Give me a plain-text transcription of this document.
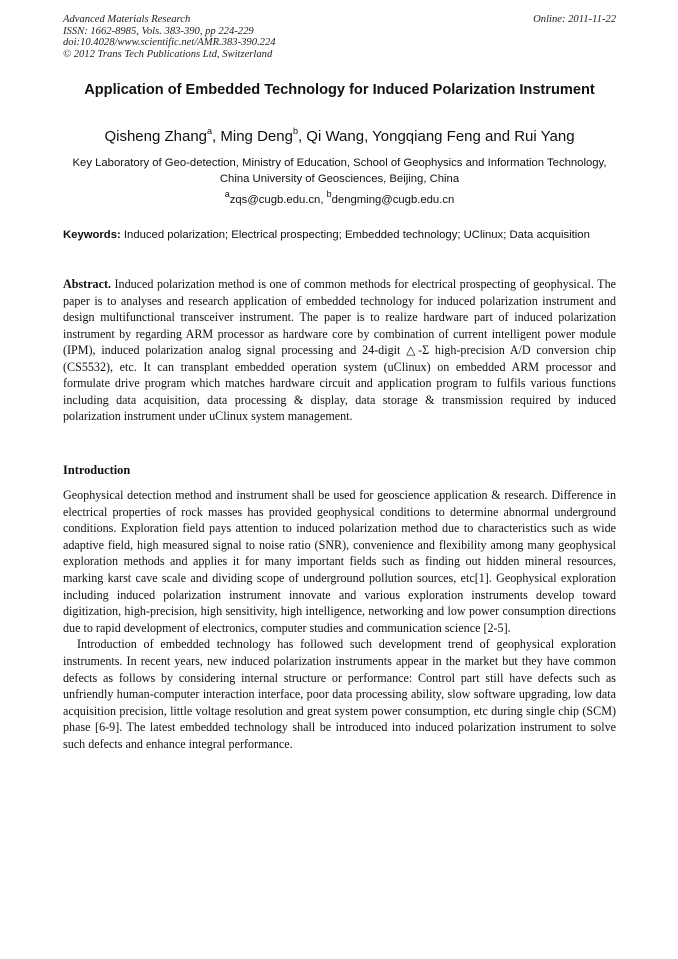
Advanced Materials Research
ISSN: 1662-8985, Vols. 383-390, pp 224-229
doi:10.4028/www.scientific.net/AMR.383-390.224
© 2012 Trans Tech Publications Ltd, Switzerland
Online: 2011-11-22
Application of Embedded Technology for Induced Polarization Instrument
Qisheng Zhang$^a$, Ming Deng$^b$, Qi Wang, Yongqiang Feng and Rui Yang
Key Laboratory of Geo-detection, Ministry of Education, School of Geophysics and Information Technology, China University of Geosciences, Beijing, China
$^a$zqs@cugb.edu.cn, $^b$dengming@cugb.edu.cn
Keywords: Induced polarization; Electrical prospecting; Embedded technology; UClinux; Data acquisition
Abstract. Induced polarization method is one of common methods for electrical prospecting of geophysical. The paper is to analyses and research application of embedded technology for induced polarization instrument and design multifunctional transceiver instrument. The paper is to realize hardware part of induced polarization instrument by regarding ARM processor as hardware core by combination of current intelligent power module (IPM), induced polarization analog signal processing and 24-digit △-Σ high-precision A/D conversion chip (CS5532), etc. It can transplant embedded operation system (uClinux) on embedded ARM processor and formulate drive program which matches hardware circuit and application program to fulfils various functions including data acquisition, data processing & display, data storage & transmission required by induced polarization instrument under uClinux system management.
Introduction

Geophysical detection method and instrument shall be used for geoscience application & research. Difference in electrical properties of rock masses has provided geophysical conditions to determine abnormal underground conditions. Exploration field pays attention to induced polarization method due to characteristics such as wide adaptive field, high measured signal to noise ratio (SNR), convenience and flexibility among many geophysical exploration methods and applies it for many important fields such as finding out hidden mineral resources, marking karst cave scale and dividing scope of underground pollution sources, etc[1]. Geophysical exploration including induced polarization instrument innovate and various exploration instruments develop toward digitization, high-precision, high sensitivity, high intelligence, networking and low power consumption directions due to rapid development of electronics, computer studies and communication science [2-5].

Introduction of embedded technology has followed such development trend of geophysical exploration instruments. In recent years, new induced polarization instruments appear in the market but they have common defects as follows by considering internal structure or performance: Control part still have defects such as unfriendly human-computer interaction interface, poor data processing ability, slow software upgrading, low data acquisition precision, little voltage resolution and great system power consumption, etc during single chip (SCM) phase [6-9]. The latest embedded technology shall be introduced into induced polarization instrument to solve such defects and enhance integral performance.
